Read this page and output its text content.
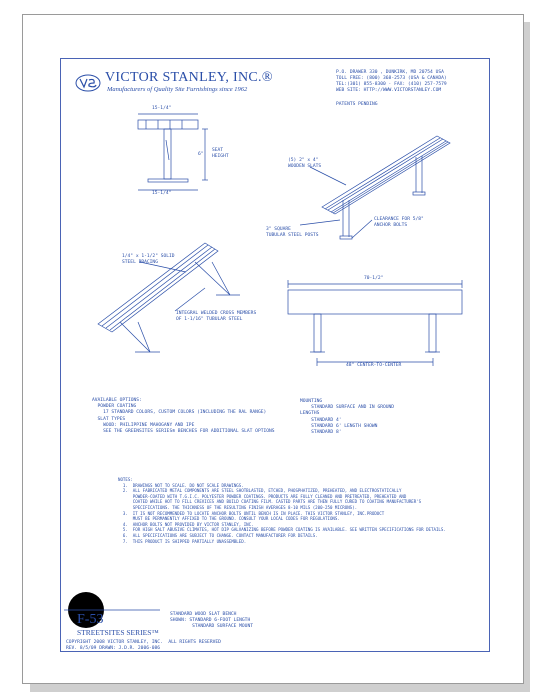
VICTOR STANLEY, INC.®
Manufacturers of Quality Site Furnishings since 1962
P.O. DRAWER 330 , DUNKIRK, MD 20754 USA
TOLL FREE: (800) 368-2573 (USA & CANADA)
TEL:(301) 855-8300 · FAX: (410) 257-7579
WEB SITE: HTTP://WWW.VICTORSTANLEY.COM
PATENTS PENDING
15-1/4"
15-1/4"
6"
SEAT
HEIGHT
70-1/2"
48" CENTER-TO-CENTER
(5) 2" x 4"
WOODEN SLATS
3" SQUARE
TUBULAR STEEL POSTS
CLEARANCE FOR 5/8"
ANCHOR BOLTS
1/4" x 1-1/2" SOLID
STEEL BRACING
INTEGRAL WELDED CROSS MEMBERS
OF 1-1/16" TUBULAR STEEL
AVAILABLE OPTIONS:
POWDER COATING
17 STANDARD COLORS, CUSTOM COLORS (INCLUDING THE RAL RANGE)
SLAT TYPES
WOOD: PHILIPPINE MAHOGANY AND IPE
SEE THE GREENSITES SERIES® BENCHES FOR ADDITIONAL SLAT OPTIONS
MOUNTING
STANDARD SURFACE AND IN GROUND
LENGTHS
STANDARD 4'
STANDARD 6' LENGTH SHOWN
STANDARD 8'
NOTES:
1.  DRAWINGS NOT TO SCALE. DO NOT SCALE DRAWINGS.
2.  ALL FABRICATED METAL COMPONENTS ARE STEEL SHOTBLASTED, ETCHED, PHOSPHATIZED, PREHEATED, AND ELECTROSTATICALLY
POWDER-COATED WITH T.G.I.C. POLYESTER POWDER COATINGS. PRODUCTS ARE FULLY CLEANED AND PRETREATED, PREHEATED AND
COATED WHILE HOT TO FILL CREVICES AND BUILD COATING FILM. CASTED PARTS ARE THEN FULLY CURED TO COATING MANUFACTURER'S
SPECIFICATIONS. THE THICKNESS OF THE RESULTING FINISH AVERAGES 8-10 MILS (200-250 MICRONS).
3.  IT IS NOT RECOMMENDED TO LOCATE ANCHOR BOLTS UNTIL BENCH IS IN PLACE. THIS VICTOR STANLEY, INC.PRODUCT
MUST BE PERMANENTLY AFFIXED TO THE GROUND. CONSULT YOUR LOCAL CODES FOR REGULATIONS.
4.  ANCHOR BOLTS NOT PROVIDED BY VICTOR STANLEY, INC.
5.  FOR HIGH SALT ABUSIVE CLIMATES, HOT DIP GALVANIZING BEFORE POWDER COATING IS AVAILABLE. SEE WRITTEN SPECIFICATIONS FOR DETAILS.
6.  ALL SPECIFICATIONS ARE SUBJECT TO CHANGE. CONTACT MANUFACTURER FOR DETAILS.
7.  THIS PRODUCT IS SHIPPED PARTIALLY UNASSEMBLED.
F-53
STREETSITES SERIES™
STANDARD WOOD SLAT BENCH
SHOWN: STANDARD 6-FOOT LENGTH
STANDARD SURFACE MOUNT
COPYRIGHT 2008 VICTOR STANLEY, INC.  ALL RIGHTS RESERVED
REV. 8/5/09 DRAWN: J.D.R. 2006-086
